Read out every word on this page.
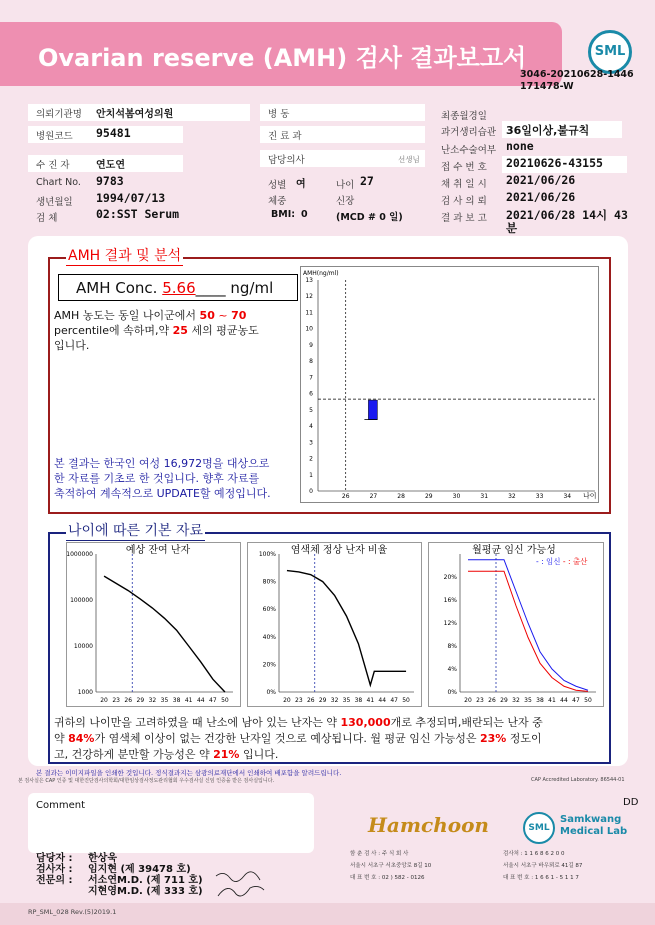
Ovarian reserve (AMH) 검사 결과보고서	SML
3046-20210628-1446
171478-W
의뢰기관명 안치석봄여성의원
병원코드 95481
수 진 자	연도연
Chart No. 9783
생년월일 1994/07/13
검 체	02:SST Serum
병 동
진 료 과
담당의사	선생님
성별 여	나이 27
체중	신장
BMI: 0	(MCD # 0 일)
최종월경일
과거생리습관 36일이상,불규칙
난소수술여부 none
접 수 번 호 20210626-43155
채 취 일 시 2021/06/26
검 사 의 뢰 2021/06/26
결 과 보 고 2021/06/28 14시 43
분
AMH 결과 및 분석
AMH Conc. 5.66____ ng/ml
AMH 농도는 동일 나이군에서 50 ~ 70
percentile에 속하며,약 25 세의 평균농도
입니다.
본 결과는 한국인 여성 16,972명을 대상으로
한 자료를 기초로 한 것입니다. 향후 자료를
축적하여 계속적으로 UPDATE할 예정입니다.
AMH(ng/ml)
나이
0
1
2
3
4
5
6
7
8
9
10
11
12
13
26	27	28	29	30	31	32	33	34
나이에 따른 기본 자료
예상 잔여 난자
1000
10000
100000
1000000
20 23 26 29 32 35 38 41 44 47 50
염색체 정상 난자 비율
0%
20%
40%
60%
80%
100%
20 23 26 29 32 35 38 41 44 47 50
월평균 임신 가능성
- : 임신 - : 출산
0%
4%
8%
12%
16%
20%
20 23 26 29 32 35 38 41 44 47 50
귀하의 나이만을 고려하였을 때 난소에 남아 있는 난자는 약 130,000개로 추정되며,배란되는 난자 중
약 84%가 염색체 이상이 없는 건강한 난자일 것으로 예상됩니다. 월 평균 임신 가능성은 23% 정도이
고, 건강하게 분만할 가능성은 약 21% 입니다.
본 결과는 이미지파일을 인쇄한 것입니다. 정식결과지는 삼광의료재단에서 인쇄하여 배포함을 알려드립니다.
본 검사실은 CAP 인증 및 대한진단검사의학회/대한임상검사정도관리협회 우수검사실 신임 인증을 받은 검사실입니다.	CAP Accredited Laboratory. 86544-01
Comment	DD
담당자 : 한상욱
검사자 : 임지현 (제 39478 호)
전문의 : 서소연M.D. (제 711 호)
지현영M.D. (제 333 호)
Hamchoon
함 춘 검 사 : 주 식 회 사
서울시 서초구 서초중앙로 8길 10
대 표 번 호 : 02 ) 582 - 0126
SML
Samkwang
Medical Lab
검사처 : 1 1 6 8 6 2 0 0
서울시 서초구 바우뫼로 41길 87
대 표 번 호 : 1 6 6 1 - 5 1 1 7
RP_SML_028 Rev.(5)2019.1
